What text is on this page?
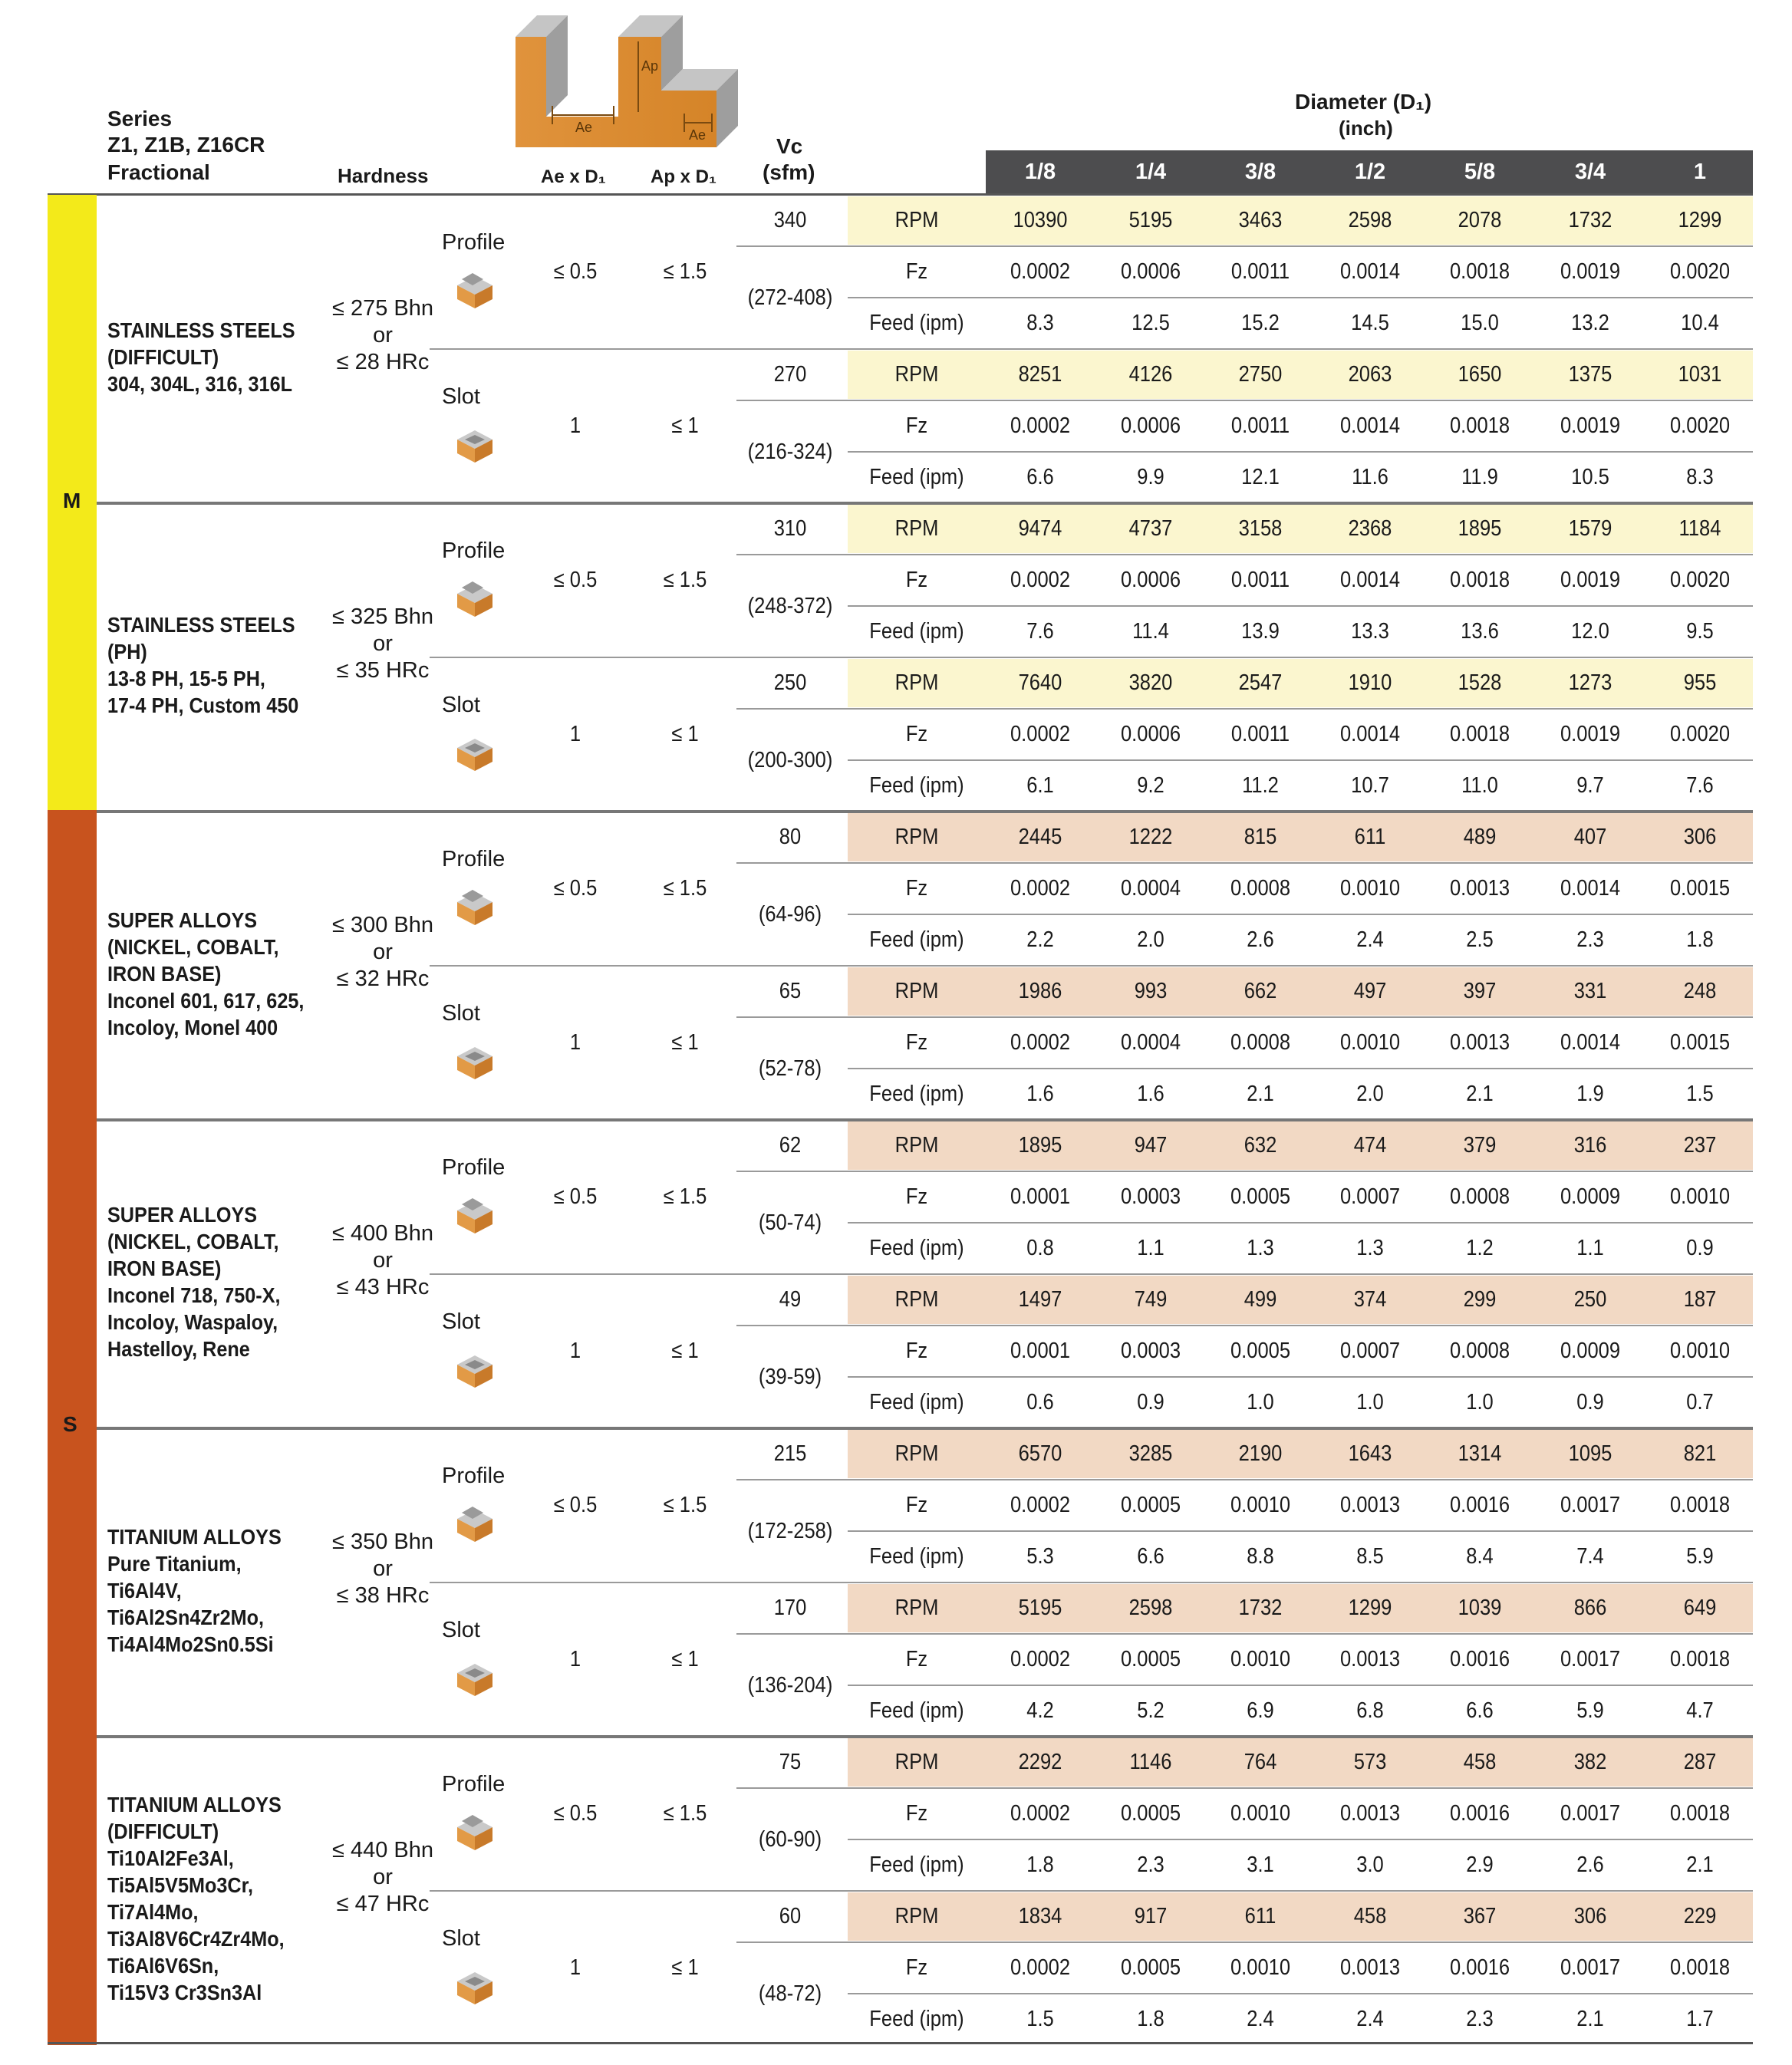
Series
Z1, Z1B, Z16CR
Fractional	Hardness	Ae x D₁ Ap x D₁
Vc
(sfm)
Diameter (D₁)
(inch)
Ap
Ae	Ae
1/8	1/4	3/8	1/2	5/8	3/4	1
M
S
STAINLESS STEELS
(DIFFICULT)
304, 304L, 316, 316L
≤ 275 Bhn
or
≤ 28 HRc
Profile
≤ 0.5	≤ 1.5
340
(272-408)
RPM	10390	5195	3463	2598	2078	1732	1299
Fz	0.0002	0.0006	0.0011	0.0014	0.0018	0.0019	0.0020
Feed (ipm)	8.3	12.5	15.2	14.5	15.0	13.2	10.4
Slot
1	≤ 1
270
(216-324)
RPM	8251	4126	2750	2063	1650	1375	1031
Fz	0.0002	0.0006	0.0011	0.0014	0.0018	0.0019	0.0020
Feed (ipm)	6.6	9.9	12.1	11.6	11.9	10.5	8.3
STAINLESS STEELS
(PH)
13-8 PH, 15-5 PH,
17-4 PH, Custom 450
≤ 325 Bhn
or
≤ 35 HRc
Profile
≤ 0.5	≤ 1.5
310
(248-372)
RPM	9474	4737	3158	2368	1895	1579	1184
Fz	0.0002	0.0006	0.0011	0.0014	0.0018	0.0019	0.0020
Feed (ipm)	7.6	11.4	13.9	13.3	13.6	12.0	9.5
Slot
1	≤ 1
250
(200-300)
RPM	7640	3820	2547	1910	1528	1273	955
Fz	0.0002	0.0006	0.0011	0.0014	0.0018	0.0019	0.0020
Feed (ipm)	6.1	9.2	11.2	10.7	11.0	9.7	7.6
SUPER ALLOYS
(NICKEL, COBALT,
IRON BASE)
Inconel 601, 617, 625,
Incoloy, Monel 400
≤ 300 Bhn
or
≤ 32 HRc
Profile
≤ 0.5	≤ 1.5
80
(64-96)
RPM	2445	1222	815	611	489	407	306
Fz	0.0002	0.0004	0.0008	0.0010	0.0013	0.0014	0.0015
Feed (ipm)	2.2	2.0	2.6	2.4	2.5	2.3	1.8
Slot
1	≤ 1
65
(52-78)
RPM	1986	993	662	497	397	331	248
Fz	0.0002	0.0004	0.0008	0.0010	0.0013	0.0014	0.0015
Feed (ipm)	1.6	1.6	2.1	2.0	2.1	1.9	1.5
SUPER ALLOYS
(NICKEL, COBALT,
IRON BASE)
Inconel 718, 750-X,
Incoloy, Waspaloy,
Hastelloy, Rene
≤ 400 Bhn
or
≤ 43 HRc
Profile
≤ 0.5	≤ 1.5
62
(50-74)
RPM	1895	947	632	474	379	316	237
Fz	0.0001	0.0003	0.0005	0.0007	0.0008	0.0009	0.0010
Feed (ipm)	0.8	1.1	1.3	1.3	1.2	1.1	0.9
Slot
1	≤ 1
49
(39-59)
RPM	1497	749	499	374	299	250	187
Fz	0.0001	0.0003	0.0005	0.0007	0.0008	0.0009	0.0010
Feed (ipm)	0.6	0.9	1.0	1.0	1.0	0.9	0.7
TITANIUM ALLOYS
Pure Titanium,
Ti6Al4V,
Ti6Al2Sn4Zr2Mo,
Ti4Al4Mo2Sn0.5Si
≤ 350 Bhn
or
≤ 38 HRc
Profile
≤ 0.5	≤ 1.5
215
(172-258)
RPM	6570	3285	2190	1643	1314	1095	821
Fz	0.0002	0.0005	0.0010	0.0013	0.0016	0.0017	0.0018
Feed (ipm)	5.3	6.6	8.8	8.5	8.4	7.4	5.9
Slot
1	≤ 1
170
(136-204)
RPM	5195	2598	1732	1299	1039	866	649
Fz	0.0002	0.0005	0.0010	0.0013	0.0016	0.0017	0.0018
Feed (ipm)	4.2	5.2	6.9	6.8	6.6	5.9	4.7
TITANIUM ALLOYS
(DIFFICULT)
Ti10Al2Fe3Al,
Ti5Al5V5Mo3Cr,
Ti7Al4Mo,
Ti3Al8V6Cr4Zr4Mo,
Ti6Al6V6Sn,
Ti15V3 Cr3Sn3Al
≤ 440 Bhn
or
≤ 47 HRc
Profile
≤ 0.5	≤ 1.5
75
(60-90)
RPM	2292	1146	764	573	458	382	287
Fz	0.0002	0.0005	0.0010	0.0013	0.0016	0.0017	0.0018
Feed (ipm)	1.8	2.3	3.1	3.0	2.9	2.6	2.1
Slot
1	≤ 1
60
(48-72)
RPM	1834	917	611	458	367	306	229
Fz	0.0002	0.0005	0.0010	0.0013	0.0016	0.0017	0.0018
Feed (ipm)	1.5	1.8	2.4	2.4	2.3	2.1	1.7
